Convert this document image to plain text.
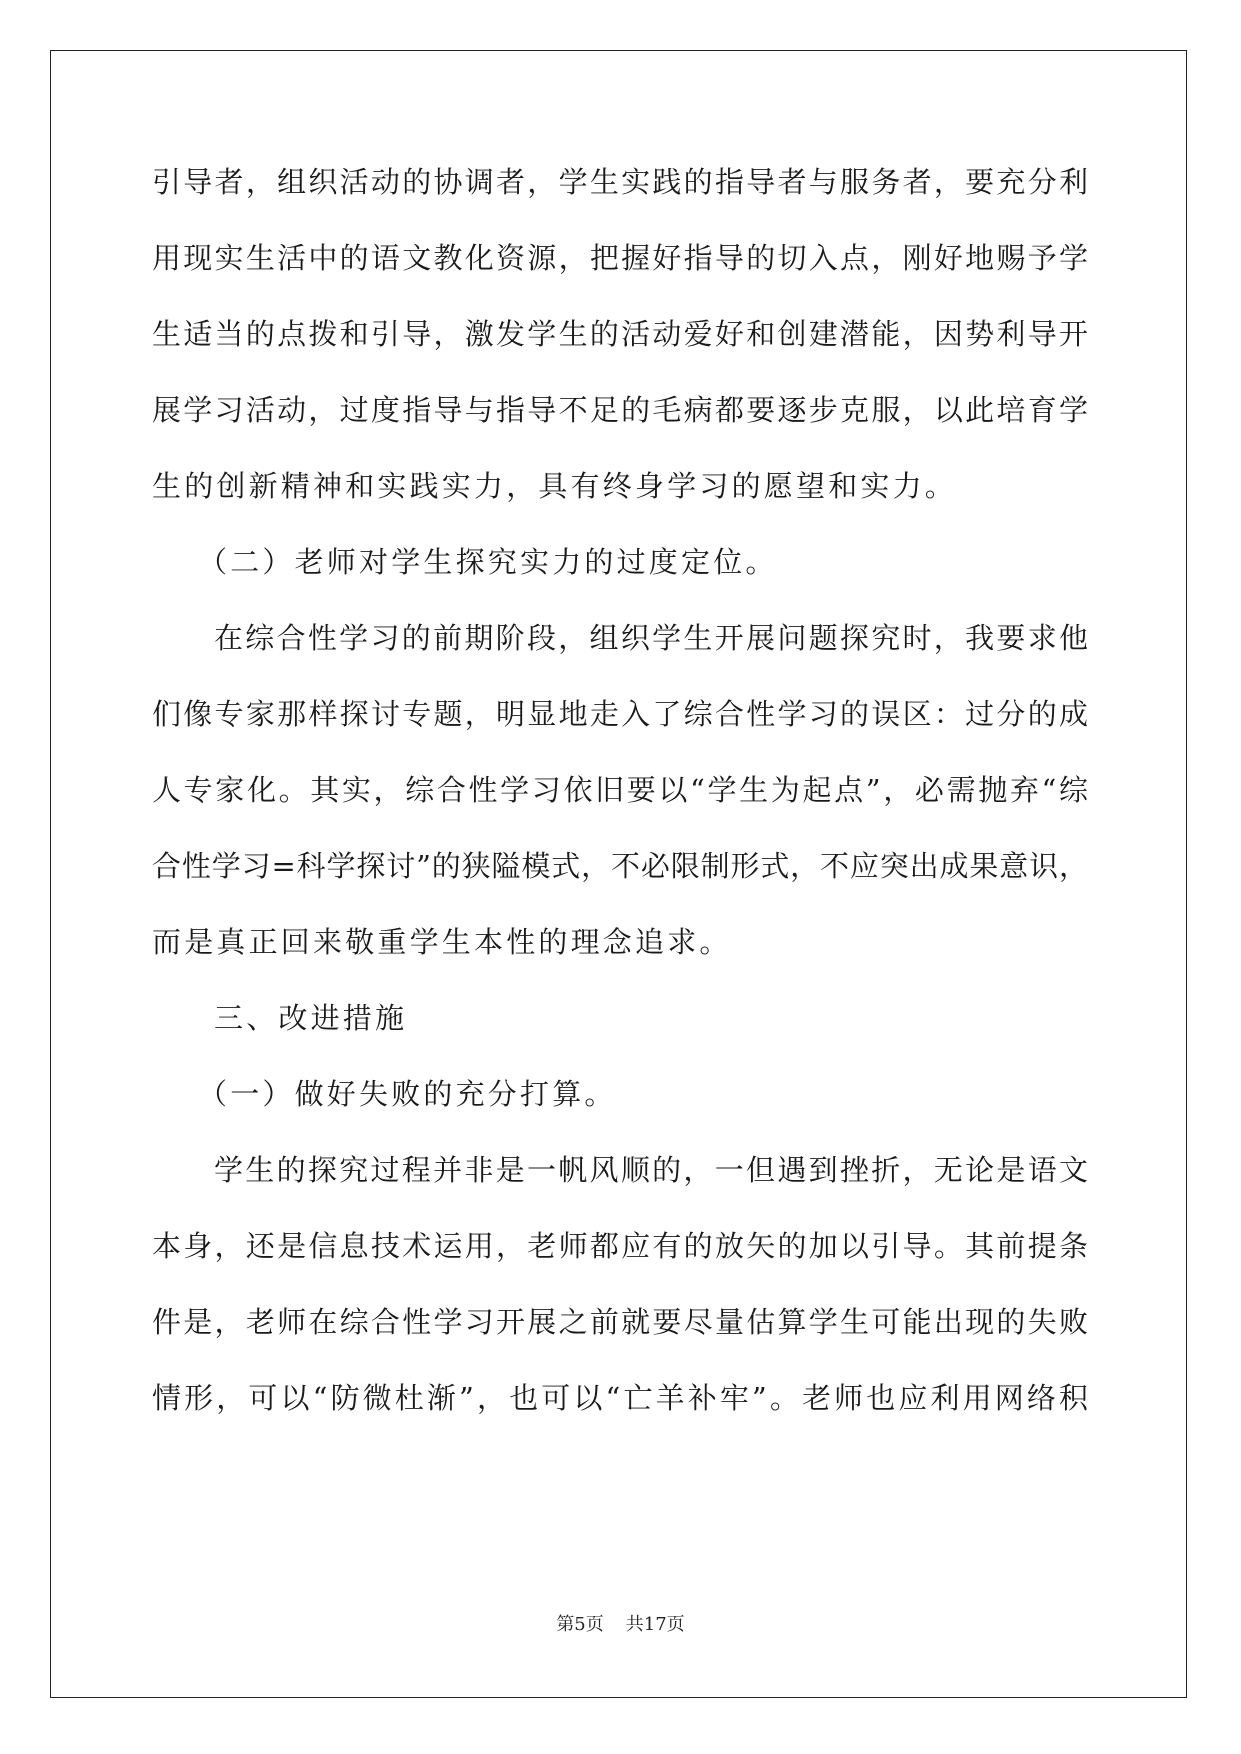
引导者，组织活动的协调者，学生实践的指导者与服务者，要充分利
用现实生活中的语文教化资源，把握好指导的切入点，刚好地赐予学
生适当的点拨和引导，激发学生的活动爱好和创建潜能，因势利导开
展学习活动，过度指导与指导不足的毛病都要逐步克服，以此培育学
生的创新精神和实践实力，具有终身学习的愿望和实力。
（二）老师对学生探究实力的过度定位。
在综合性学习的前期阶段，组织学生开展问题探究时，我要求他
们像专家那样探讨专题，明显地走入了综合性学习的误区：过分的成
人专家化。其实，综合性学习依旧要以“学生为起点”，必需抛弃“综
合性学习=科学探讨”的狭隘模式，不必限制形式，不应突出成果意识，
而是真正回来敬重学生本性的理念追求。
三、改进措施
（一）做好失败的充分打算。
学生的探究过程并非是一帆风顺的，一但遇到挫折，无论是语文
本身，还是信息技术运用，老师都应有的放矢的加以引导。其前提条
件是，老师在综合性学习开展之前就要尽量估算学生可能出现的失败
情形，可以“防微杜渐”，也可以“亡羊补牢”。老师也应利用网络积
第5页 共17页
